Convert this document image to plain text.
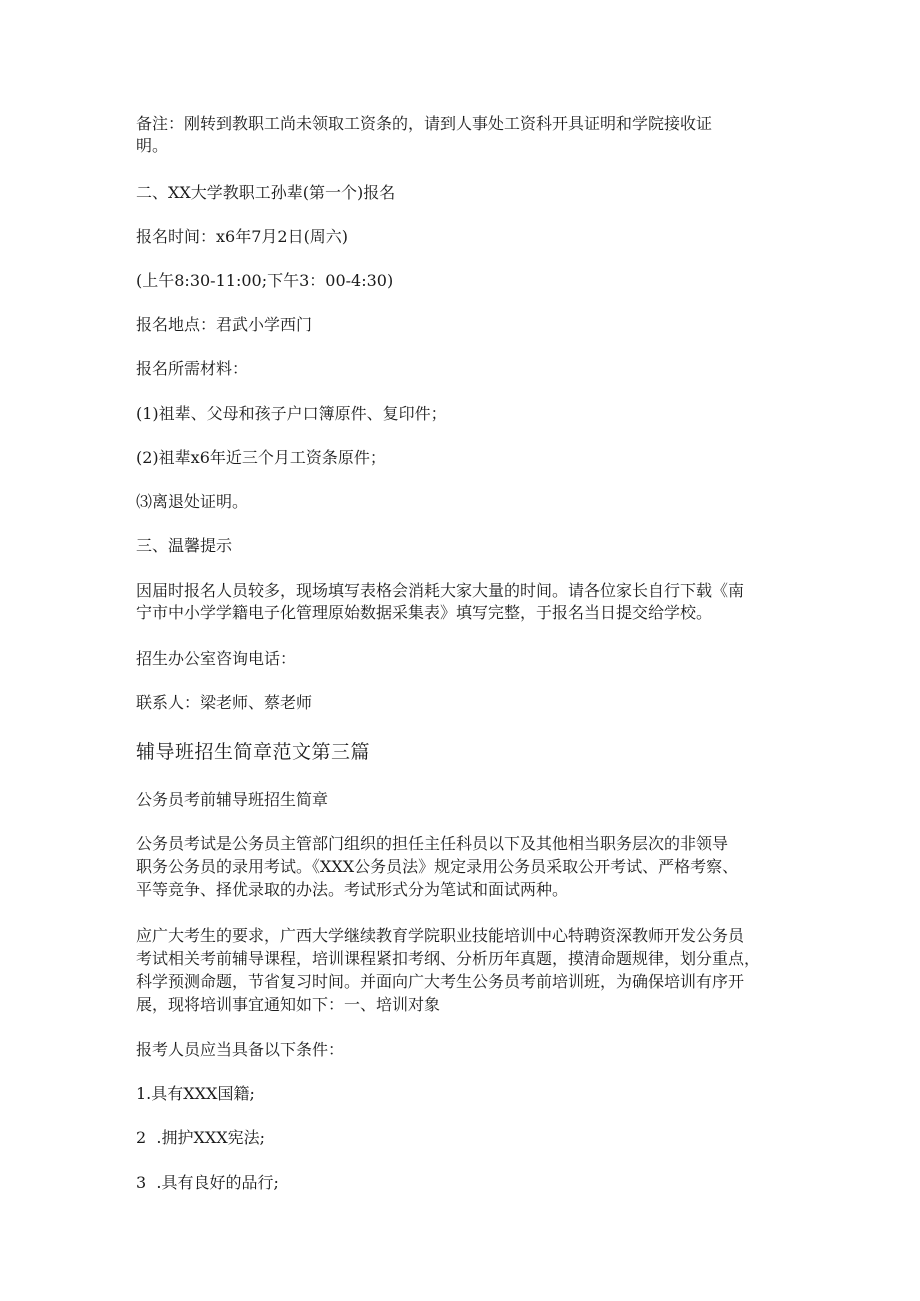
备注：刚转到教职工尚未领取工资条的，请到人事处工资科开具证明和学院接收证
明。

二、XX大学教职工孙辈(第一个)报名

报名时间：x6年7月2日(周六)

(上午8:30-11:00;下午3：00-4:30)

报名地点：君武小学西门

报名所需材料：

(1)祖辈、父母和孩子户口簿原件、复印件；

(2)祖辈x6年近三个月工资条原件；

⑶离退处证明。

三、温馨提示

因届时报名人员较多，现场填写表格会消耗大家大量的时间。请各位家长自行下载《南
宁市中小学学籍电子化管理原始数据采集表》填写完整，于报名当日提交给学校。

招生办公室咨询电话：

联系人：梁老师、蔡老师

辅导班招生简章范文第三篇

公务员考前辅导班招生简章

公务员考试是公务员主管部门组织的担任主任科员以下及其他相当职务层次的非领导
职务公务员的录用考试。《XXX公务员法》规定录用公务员采取公开考试、严格考察、
平等竞争、择优录取的办法。考试形式分为笔试和面试两种。

应广大考生的要求，广西大学继续教育学院职业技能培训中心特聘资深教师开发公务员
考试相关考前辅导课程，培训课程紧扣考纲、分析历年真题，摸清命题规律，划分重点，
科学预测命题，节省复习时间。并面向广大考生公务员考前培训班，为确保培训有序开
展，现将培训事宜通知如下：一、培训对象

报考人员应当具备以下条件：

1.具有XXX国籍;

2  .拥护XXX宪法;

3  .具有良好的品行;
